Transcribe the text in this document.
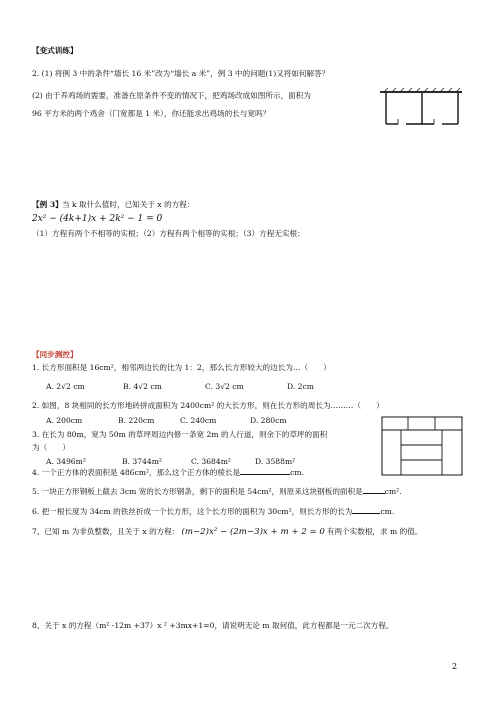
【变式训练】
2. (1) 将例 3 中的条件“墙长 16 米”改为“墙长 a 米”，例 3 中的问题(1)又将如何解答？
(2) 由于养鸡场的需要，准备在原条件不变的情况下，把鸡场改成如图所示，面积为
96 平方米的两个鸡舍（门宽都是 1 米），你还能求出鸡场的长与宽吗？
【例 3】 当 k 取什么值时，已知关于 x 的方程：
2x² − (4k+1)x + 2k² − 1 = 0
（1）方程有两个不相等的实根；（2）方程有两个相等的实根；（3）方程无实根；
【同步测控】
1. 长方形面积是 16cm²，相邻两边长的比为 1：2，那么长方形较大的边长为…（　　）
A. 2√2 cm	B. 4√2 cm	C. 3√2 cm	D. 2cm
2. 如图，8 块相同的长方形地砖拼成面积为 2400cm² 的大长方形，则在长方形的周长为………（　　）
A. 200cm	B. 220cm	C. 240cm	D. 280cm
3. 在长为 80m，宽为 50m 的草坪周边内修一条宽 2m 的人行道，则余下的草坪的面积
为（　　）
A. 3496m²	B. 3744m²	C. 3684m²	D. 3588m²
4. 一个正方体的表面积是 486cm²，那么这个正方体的棱长是	cm.
5. 一块正方形钢板上截去 3cm 宽的长方形钢条，剩下的面积是 54cm²，则原来这块钢板的面积是	cm².
6. 把一根长度为 34cm 的铁丝折成一个长方形，这个长方形的面积为 30cm²，则长方形的长为	cm.
7、已知 m 为非负整数，且关于 x 的方程： (m−2)x² − (2m−3)x + m + 2 = 0 有两个实数根，求 m 的值。
8、关于 x 的方程（m² -12m +37）x ² +3mx+1=0，请说明无论 m 取何值，此方程都是一元二次方程。
2
